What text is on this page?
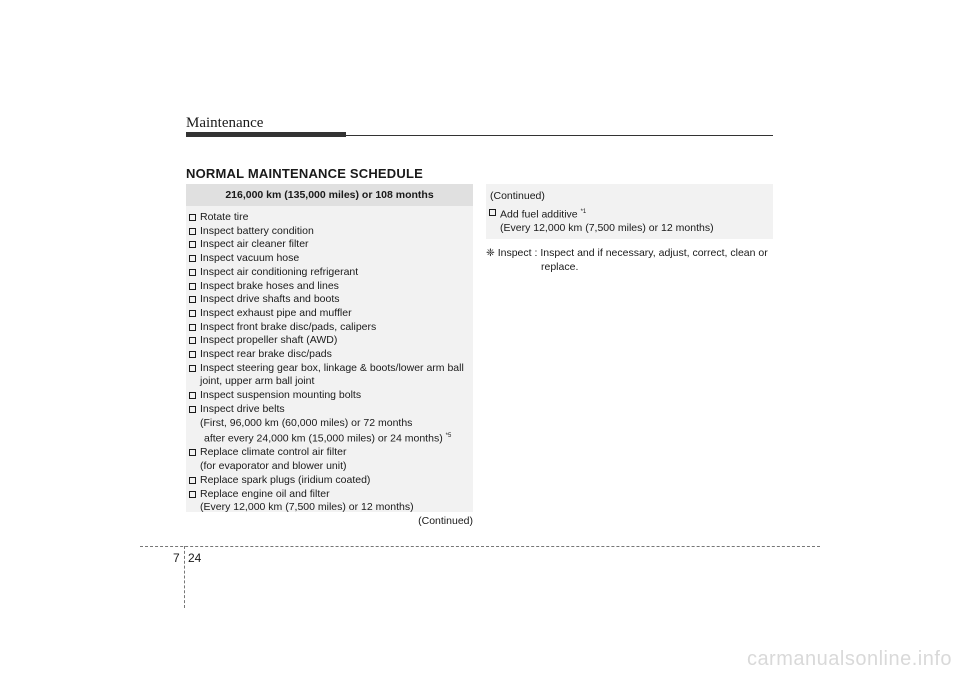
Maintenance
NORMAL MAINTENANCE SCHEDULE
216,000 km (135,000 miles) or 108 months
Rotate tire
Inspect battery condition
Inspect air cleaner filter
Inspect vacuum hose
Inspect air conditioning refrigerant
Inspect brake hoses and lines
Inspect drive shafts and boots
Inspect exhaust pipe and muffler
Inspect front brake disc/pads, calipers
Inspect propeller shaft (AWD)
Inspect rear brake disc/pads
Inspect steering gear box, linkage & boots/lower arm ball
joint, upper arm ball joint
Inspect suspension mounting bolts
Inspect drive belts
(First, 96,000 km (60,000 miles) or 72 months
after every 24,000 km (15,000 miles) or 24 months) $^{*5}$
Replace climate control air filter
(for evaporator and blower unit)
Replace spark plugs (iridium coated)
Replace engine oil and filter
(Every 12,000 km (7,500 miles) or 12 months)
(Continued)
(Continued)
Add fuel additive $^{*1}$
(Every 12,000 km (7,500 miles) or 12 months)
❈ Inspect : Inspect and if necessary, adjust, correct, clean or
replace.
7 24
carmanualsonline.info
